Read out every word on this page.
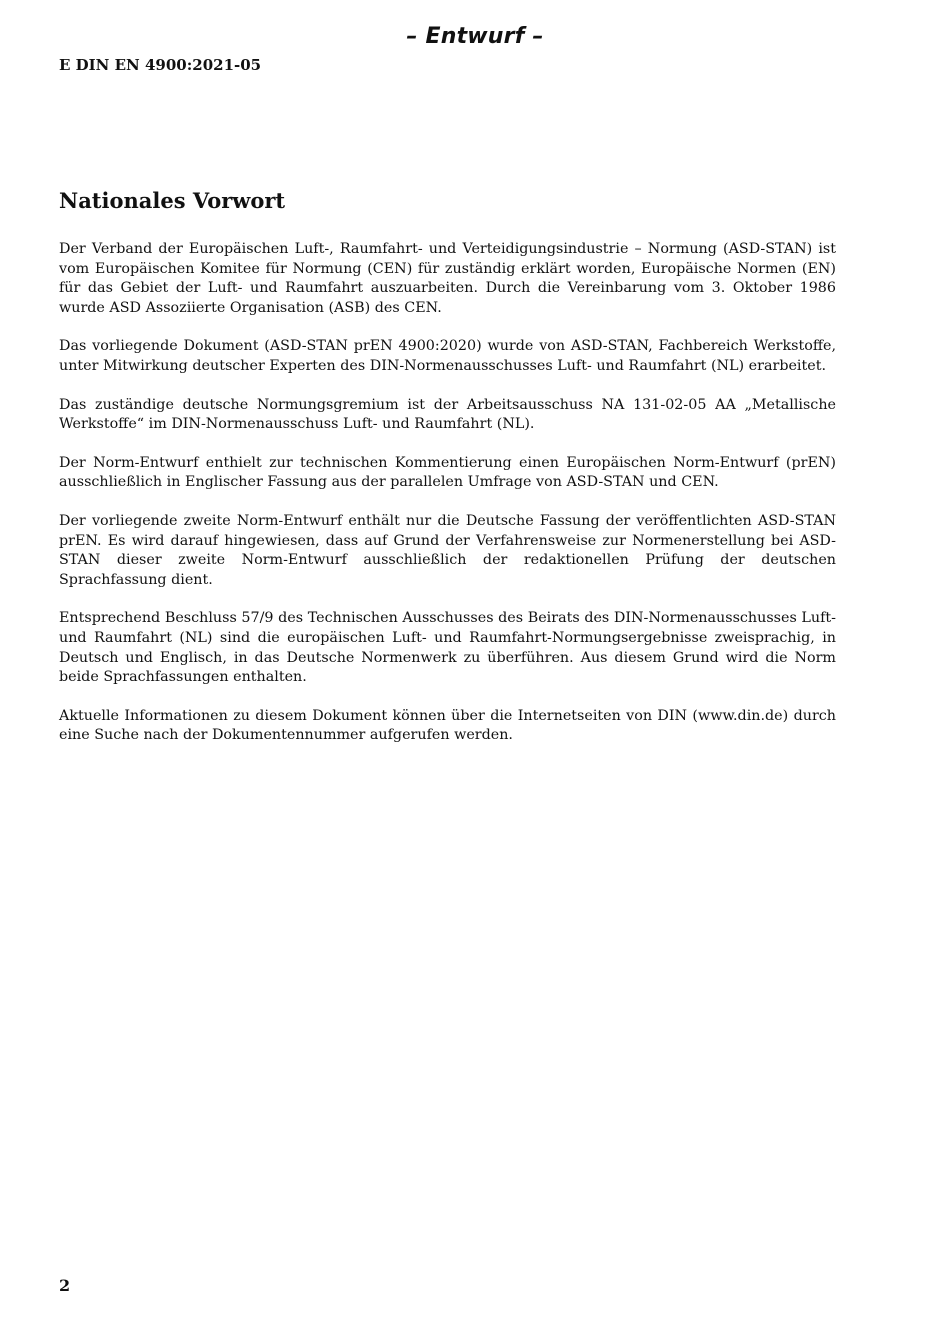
– Entwurf –
E DIN EN 4900:2021-05
Nationales Vorwort

Der Verband der Europäischen Luft-, Raumfahrt- und Verteidigungsindustrie – Normung (ASD-STAN) ist vom Europäischen Komitee für Normung (CEN) für zuständig erklärt worden, Europäische Normen (EN) für das Gebiet der Luft- und Raumfahrt auszuarbeiten. Durch die Vereinbarung vom 3. Oktober 1986 wurde ASD Assoziierte Organisation (ASB) des CEN.

Das vorliegende Dokument (ASD-STAN prEN 4900:2020) wurde von ASD-STAN, Fachbereich Werkstoffe, unter Mitwirkung deutscher Experten des DIN-Normenausschusses Luft- und Raumfahrt (NL) erarbeitet.

Das zuständige deutsche Normungsgremium ist der Arbeitsausschuss NA 131-02-05 AA „Metallische Werkstoffe“ im DIN-Normenausschuss Luft- und Raumfahrt (NL).

Der Norm-Entwurf enthielt zur technischen Kommentierung einen Europäischen Norm-Entwurf (prEN) ausschließlich in Englischer Fassung aus der parallelen Umfrage von ASD-STAN und CEN.

Der vorliegende zweite Norm-Entwurf enthält nur die Deutsche Fassung der veröffentlichten ASD-STAN prEN. Es wird darauf hingewiesen, dass auf Grund der Verfahrensweise zur Normenerstellung bei ASD-STAN dieser zweite Norm-Entwurf ausschließlich der redaktionellen Prüfung der deutschen Sprachfassung dient.

Entsprechend Beschluss 57/9 des Technischen Ausschusses des Beirats des DIN-Normenausschusses Luft- und Raumfahrt (NL) sind die europäischen Luft- und Raumfahrt-Normungsergebnisse zweisprachig, in Deutsch und Englisch, in das Deutsche Normenwerk zu überführen. Aus diesem Grund wird die Norm beide Sprachfassungen enthalten.

Aktuelle Informationen zu diesem Dokument können über die Internetseiten von DIN (www.din.de) durch eine Suche nach der Dokumentennummer aufgerufen werden.

2
